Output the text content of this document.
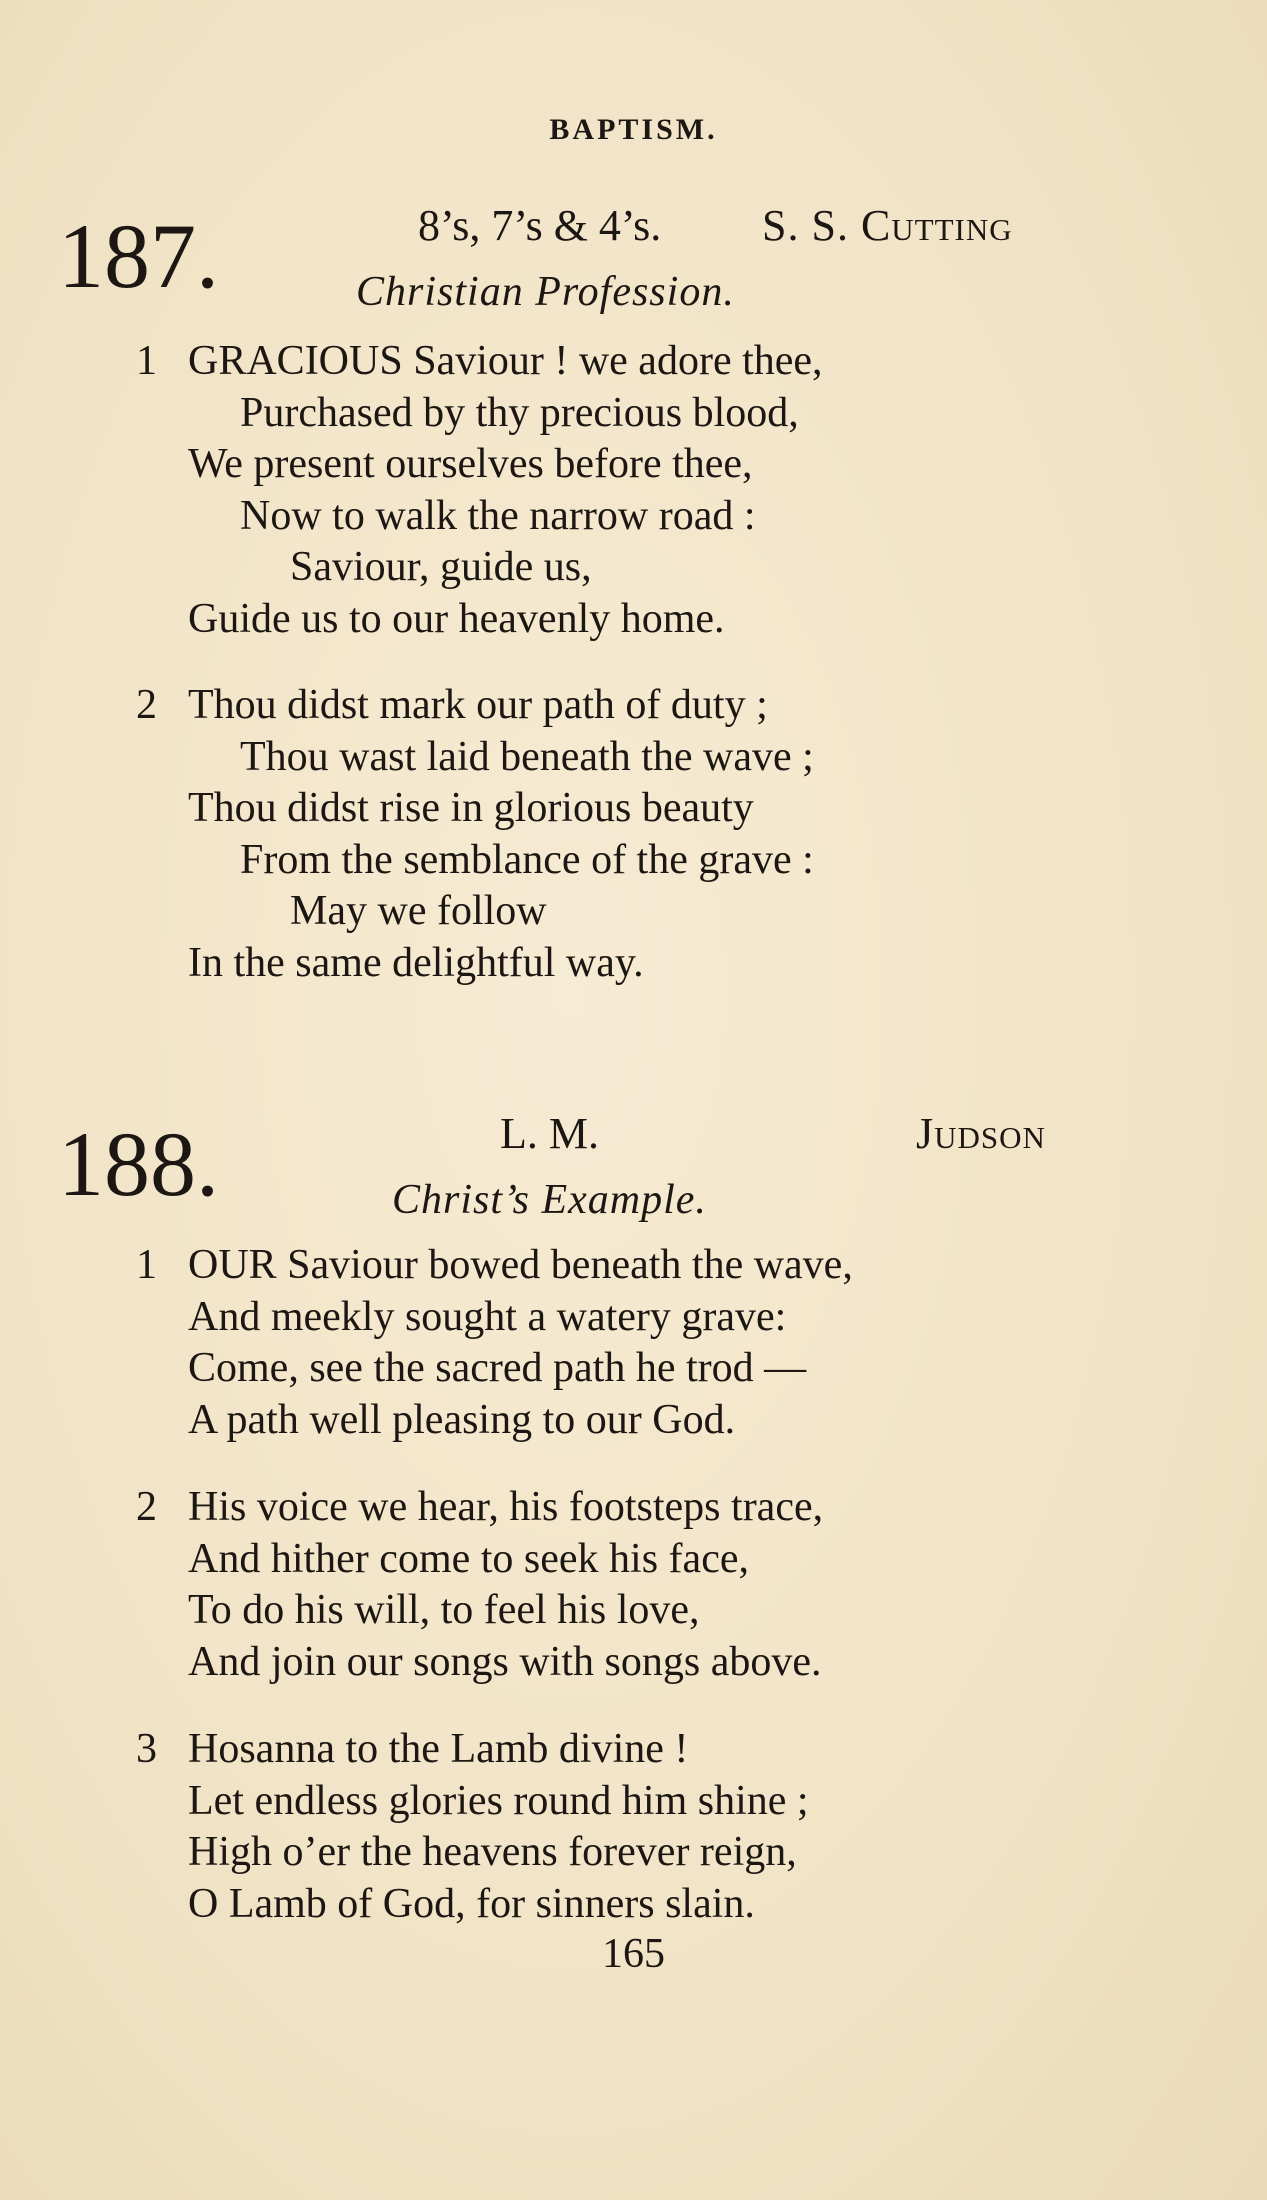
BAPTISM.
187.	8’s, 7’s & 4’s. S. S. Cutting
Christian Profession.
1 GRACIOUS Saviour ! we adore thee,
Purchased by thy precious blood,
We present ourselves before thee,
Now to walk the narrow road :
Saviour, guide us,
Guide us to our heavenly home.
2 Thou didst mark our path of duty ;
Thou wast laid beneath the wave ;
Thou didst rise in glorious beauty
From the semblance of the grave :
May we follow
In the same delightful way.
188.	L. M.	Judson
Christ’s Example.
1 OUR Saviour bowed beneath the wave,
And meekly sought a watery grave:
Come, see the sacred path he trod —
A path well pleasing to our God.
2 His voice we hear, his footsteps trace,
And hither come to seek his face,
To do his will, to feel his love,
And join our songs with songs above.
3 Hosanna to the Lamb divine !
Let endless glories round him shine ;
High o’er the heavens forever reign,
O Lamb of God, for sinners slain.
165
